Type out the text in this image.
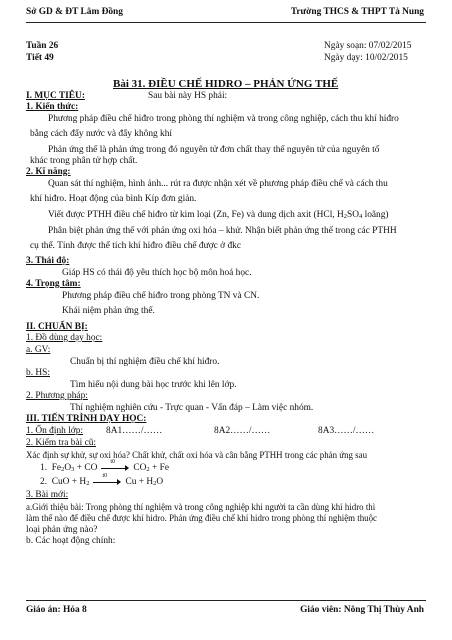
Sở GD & ĐT Lâm Đồng	Trường THCS & THPT Tà Nung
Tuần 26
Tiết 49
Ngày soạn: 07/02/2015
Ngày dạy: 10/02/2015
Bài 31. ĐIỀU CHẾ HIDRO – PHẢN ỨNG THẾ
I. MỤC TIÊU:	Sau bài này HS phải:
1. Kiến thức:
Phương pháp điều chế hiđro trong phòng thí nghiệm và trong công nghiệp, cách thu khí hiđro
bằng cách đẩy nước và đẩy không khí
Phản ứng thế là phản ứng trong đó nguyên tử đơn chất thay thế nguyên tử của nguyên tố
khác trong phân tử hợp chất.
2. Kĩ năng:
Quan sát thí nghiệm, hình ảnh... rút ra được nhận xét về phương pháp điều chế và cách thu
khí hiđro. Hoạt động của bình Kíp đơn giản.
Viết được PTHH điều chế hiđro từ kim loại (Zn, Fe) và dung dịch axit (HCl, $H_2SO_4$ loãng)
Phân biệt phản ứng thế với phản ứng oxi hóa – khử. Nhận biết phản ứng thế trong các PTHH
cụ thể. Tính được thể tích khí hiđro điều chế được ở đkc
3. Thái độ:
Giáp HS có thái độ yêu thích học bộ môn hoá học.
4. Trọng tâm:
Phương pháp điều chế hiđro trong phòng TN và CN.
Khái niệm phản ứng thế.
II. CHUẨN BỊ:
1. Đồ dùng dạy học:
a. GV:
Chuẩn bị thí nghiệm điều chế khí hiđro.
b. HS:
Tìm hiểu nội dung bài học trước khi lên lớp.
2. Phương pháp:
Thí nghiệm nghiên cứu - Trực quan - Vấn đáp – Làm việc nhóm.
III. TIẾN TRÌNH DẠY HỌC:
1. Ổn định lớp: 8A1……/……	8A2……/……	8A3……/……
2. Kiểm tra bài cũ:
Xác định sự khử, sự oxi hóa? Chất khử, chất oxi hóa và cân bằng PTHH trong các phản ứng sau
1. $Fe_2O_3$ + CO
t0
$CO_2 + Fe$
2. CuO + $H_2$
t0
$Cu + H_2O$
3. Bài mới:
a.Giới thiệu bài: Trong phòng thí nghiệm và trong công nghiệp khi người ta cần dùng khí hidro thì
làm thế nào để điều chế được khí hidro. Phản ứng điều chế khí hidro trong phòng thí nghiệm thuộc
loại phản ứng nào?
b. Các hoạt động chính:
Giáo án: Hóa 8	Giáo viên: Nông Thị Thùy Anh
